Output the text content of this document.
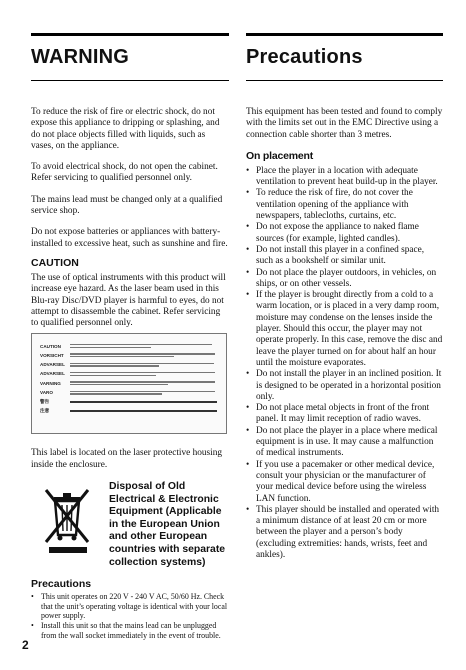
WARNING

To reduce the risk of fire or electric shock, do not expose this appliance to dripping or splashing, and do not place objects filled with liquids, such as vases, on the appliance.

To avoid electrical shock, do not open the cabinet. Refer servicing to qualified personnel only.

The mains lead must be changed only at a qualified service shop.

Do not expose batteries or appliances with battery-installed to excessive heat, such as sunshine and fire.

CAUTION

The use of optical instruments with this product will increase eye hazard. As the laser beam used in this Blu-ray Disc/DVD player is harmful to eyes, do not attempt to disassemble the cabinet. Refer servicing to qualified personnel only.

CAUTION
VORSICHT
ADVARSEL
ADVARSEL
VARNING
VARO
警告
注意

This label is located on the laser protective housing inside the enclosure.

Disposal of Old Electrical & Electronic Equipment (Applicable in the European Union and other European countries with separate collection systems)

Precautions
• This unit operates on 220 V - 240 V AC, 50/60 Hz. Check that the unit’s operating voltage is identical with your local power supply.
• Install this unit so that the mains lead can be unplugged from the wall socket immediately in the event of trouble.
Precautions

This equipment has been tested and found to comply with the limits set out in the EMC Directive using a connection cable shorter than 3 metres.

On placement
• Place the player in a location with adequate ventilation to prevent heat build-up in the player.
• To reduce the risk of fire, do not cover the ventilation opening of the appliance with newspapers, tablecloths, curtains, etc.
• Do not expose the appliance to naked flame sources (for example, lighted candles).
• Do not install this player in a confined space, such as a bookshelf or similar unit.
• Do not place the player outdoors, in vehicles, on ships, or on other vessels.
• If the player is brought directly from a cold to a warm location, or is placed in a very damp room, moisture may condense on the lenses inside the player. Should this occur, the player may not operate properly. In this case, remove the disc and leave the player turned on for about half an hour until the moisture evaporates.
• Do not install the player in an inclined position. It is designed to be operated in a horizontal position only.
• Do not place metal objects in front of the front panel. It may limit reception of radio waves.
• Do not place the player in a place where medical equipment is in use. It may cause a malfunction of medical instruments.
• If you use a pacemaker or other medical device, consult your physician or the manufacturer of your medical device before using the wireless LAN function.
• This player should be installed and operated with a minimum distance of at least 20 cm or more between the player and a person’s body (excluding extremities: hands, wrists, feet and ankles).
2
